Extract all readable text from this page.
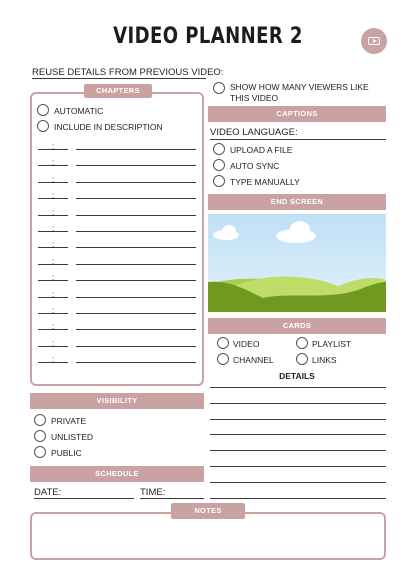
VIDEO PLANNER 2
REUSE DETAILS FROM PREVIOUS VIDEO:
CHAPTERS
AUTOMATIC
INCLUDE IN DESCRIPTION
:
:
:
:
:
:
:
:
:
:
:
:
:
:
SHOW HOW MANY VIEWERS LIKE THIS VIDEO
CAPTIONS
VIDEO LANGUAGE:
UPLOAD A FILE
AUTO SYNC
TYPE MANUALLY
END SCREEN
CARDS
VIDEO	PLAYLIST
CHANNEL	LINKS
DETAILS
VISIBILITY
PRIVATE
UNLISTED
PUBLIC
SCHEDULE
DATE:	TIME:
NOTES
